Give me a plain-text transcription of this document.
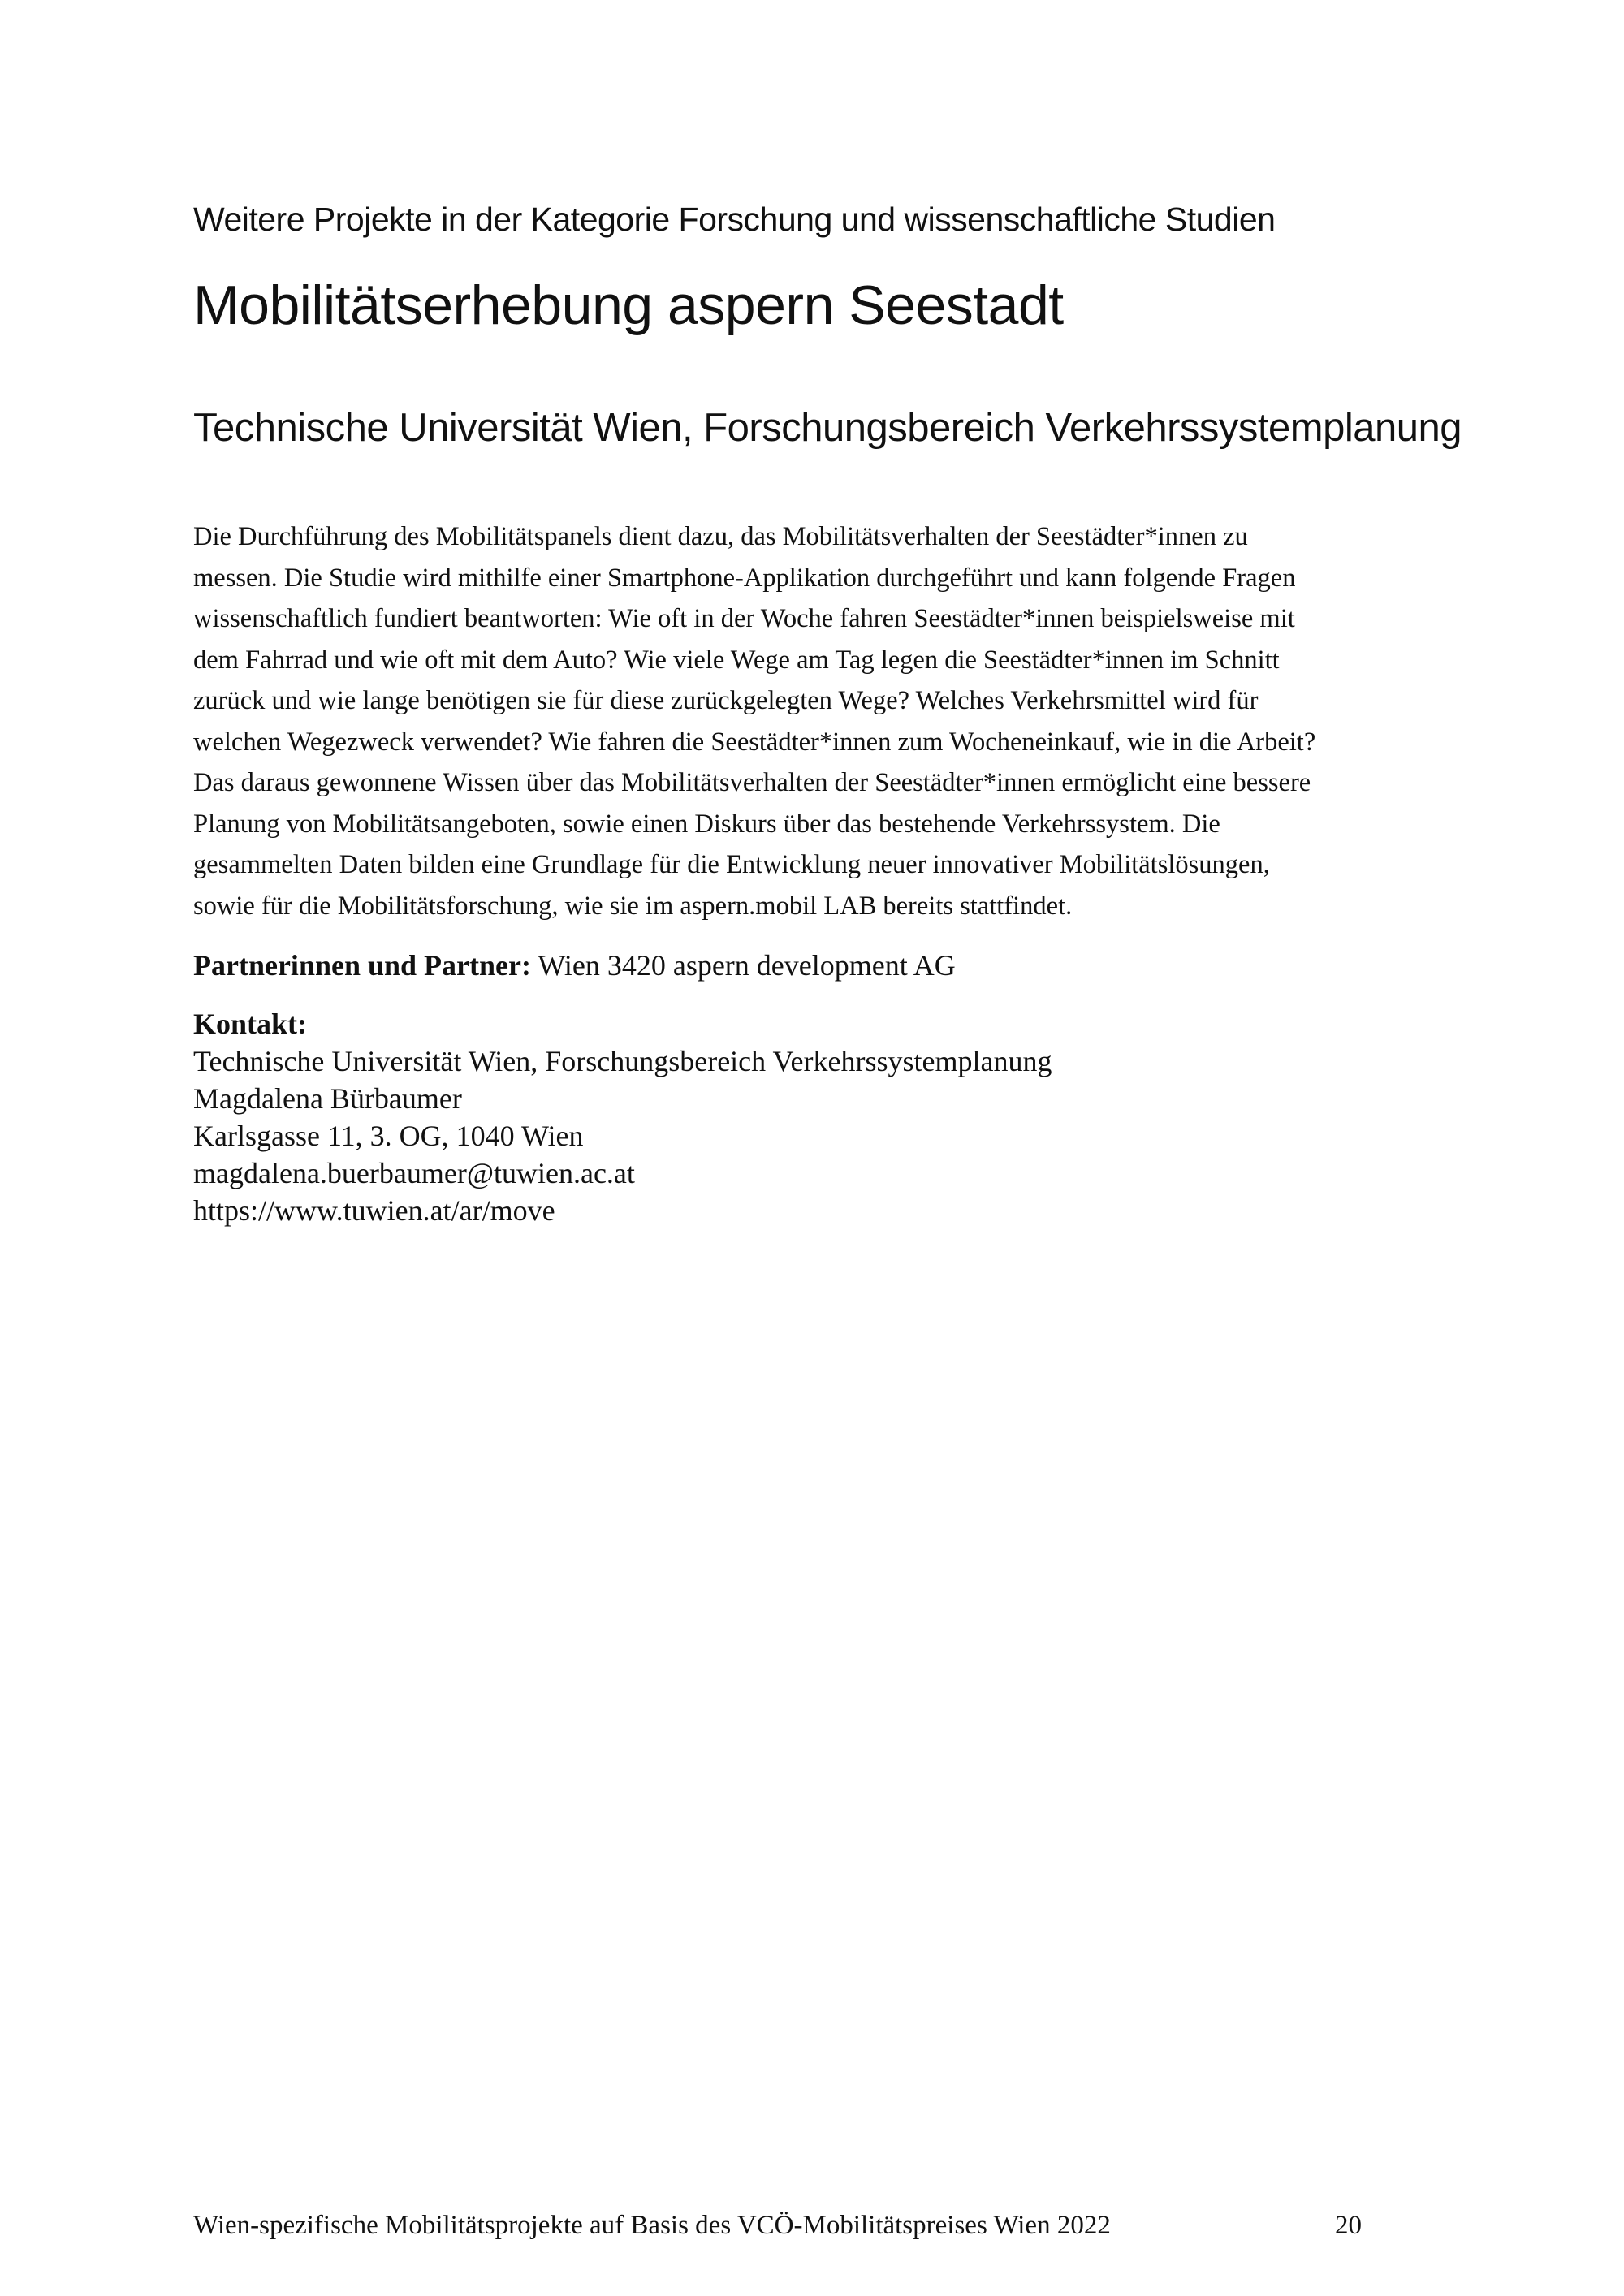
Weitere Projekte in der Kategorie Forschung und wissenschaftliche Studien
Mobilitätserhebung aspern Seestadt
Technische Universität Wien, Forschungsbereich Verkehrssystemplanung
Die Durchführung des Mobilitätspanels dient dazu, das Mobilitätsverhalten der Seestädter*innen zu
messen. Die Studie wird mithilfe einer Smartphone-Applikation durchgeführt und kann folgende Fragen
wissenschaftlich fundiert beantworten: Wie oft in der Woche fahren Seestädter*innen beispielsweise mit
dem Fahrrad und wie oft mit dem Auto? Wie viele Wege am Tag legen die Seestädter*innen im Schnitt
zurück und wie lange benötigen sie für diese zurückgelegten Wege? Welches Verkehrsmittel wird für
welchen Wegezweck verwendet? Wie fahren die Seestädter*innen zum Wocheneinkauf, wie in die Arbeit?
Das daraus gewonnene Wissen über das Mobilitätsverhalten der Seestädter*innen ermöglicht eine bessere
Planung von Mobilitätsangeboten, sowie einen Diskurs über das bestehende Verkehrssystem. Die
gesammelten Daten bilden eine Grundlage für die Entwicklung neuer innovativer Mobilitätslösungen,
sowie für die Mobilitätsforschung, wie sie im aspern.mobil LAB bereits stattfindet.
Partnerinnen und Partner: Wien 3420 aspern development AG
Kontakt:
Technische Universität Wien, Forschungsbereich Verkehrssystemplanung
Magdalena Bürbaumer
Karlsgasse 11, 3. OG, 1040 Wien
magdalena.buerbaumer@tuwien.ac.at
https://www.tuwien.at/ar/move
Wien-spezifische Mobilitätsprojekte auf Basis des VCÖ-Mobilitätspreises Wien 2022	20
